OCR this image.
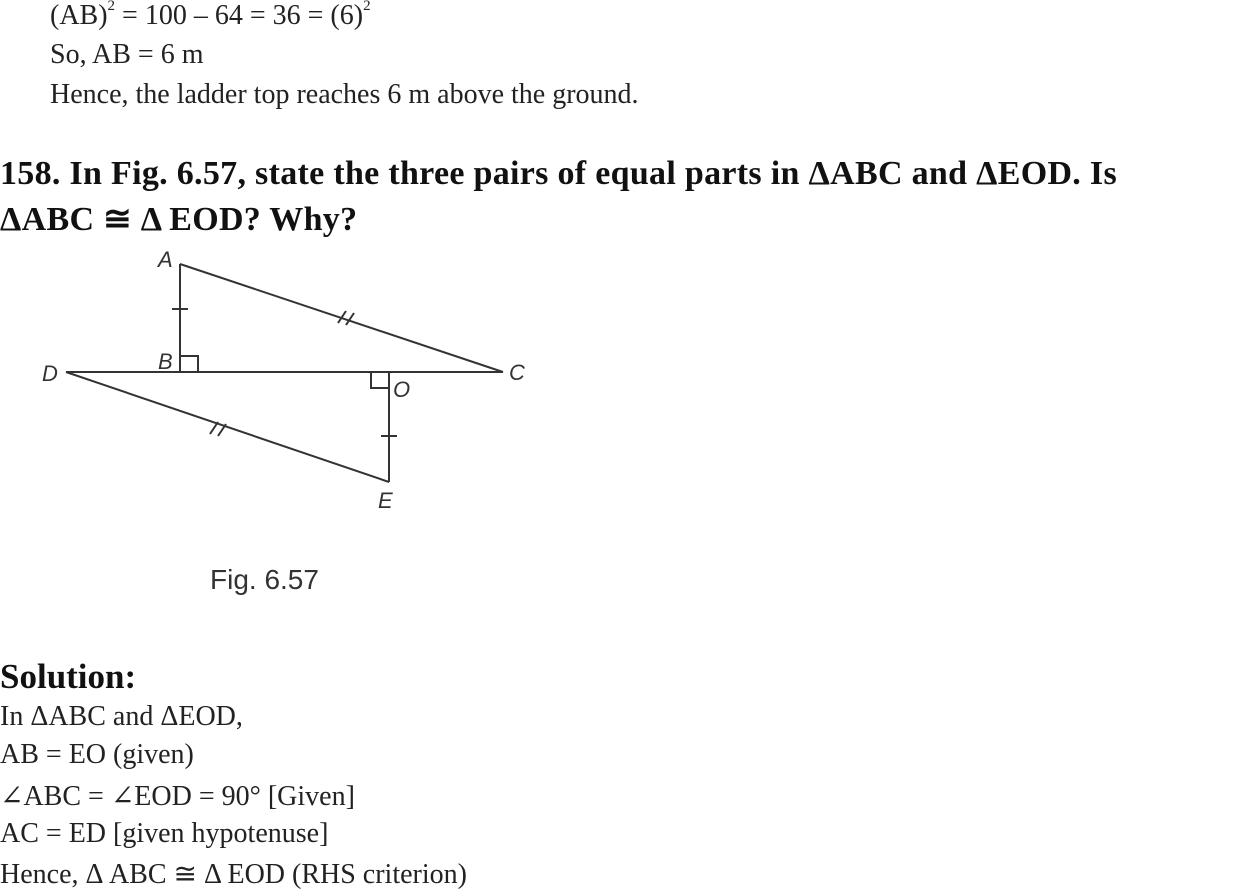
$(AB)^2 = 100 - 64 = 36 = (6)^2$
So, AB = 6 m
Hence, the ladder top reaches 6 m above the ground.
158. In Fig. 6.57, state the three pairs of equal parts in ΔABC and ΔEOD. Is
ΔABC ≅ Δ EOD? Why?
A
B	C
D
O
E
Fig. 6.57
Solution:
In ΔABC and ΔEOD,
AB = EO (given)
∠ABC = ∠EOD = 90° [Given]
AC = ED [given hypotenuse]
Hence, Δ ABC ≅ Δ EOD (RHS criterion)
